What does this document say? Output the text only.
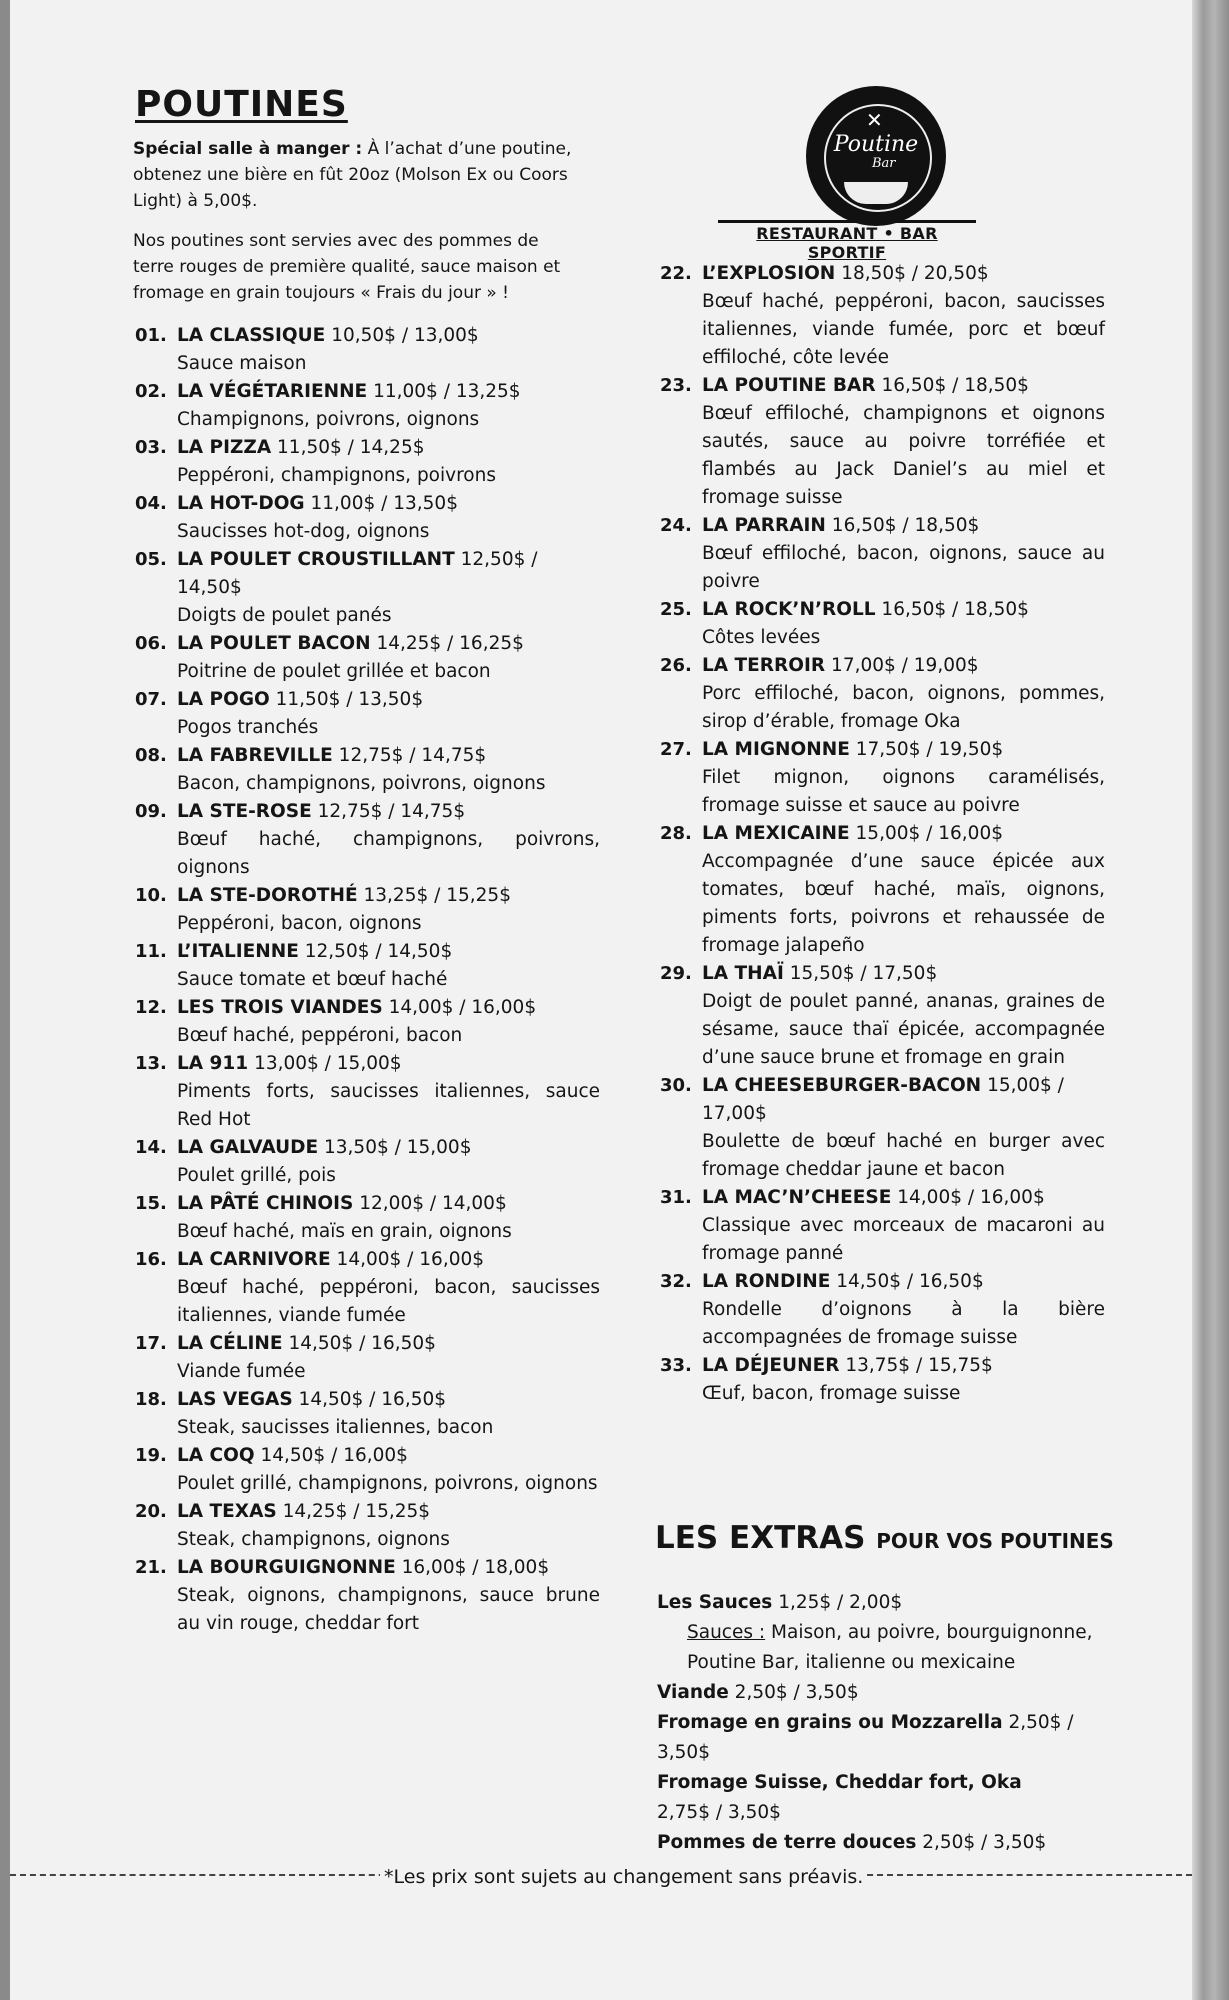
POUTINES
Spécial salle à manger : À l’achat d’une poutine, obtenez une bière en fût 20oz (Molson Ex ou Coors Light) à 5,00$.
Nos poutines sont servies avec des pommes de terre rouges de première qualité, sauce maison et fromage en grain toujours « Frais du jour » !
✕
Poutine
Bar
RESTAURANT • BAR SPORTIF
01. LA CLASSIQUE 10,50$ / 13,00$
Sauce maison
02. LA VÉGÉTARIENNE 11,00$ / 13,25$
Champignons, poivrons, oignons
03. LA PIZZA 11,50$ / 14,25$
Peppéroni, champignons, poivrons
04. LA HOT-DOG 11,00$ / 13,50$
Saucisses hot-dog, oignons
05. LA POULET CROUSTILLANT 12,50$ / 14,50$
Doigts de poulet panés
06. LA POULET BACON 14,25$ / 16,25$
Poitrine de poulet grillée et bacon
07. LA POGO 11,50$ / 13,50$
Pogos tranchés
08. LA FABREVILLE 12,75$ / 14,75$
Bacon, champignons, poivrons, oignons
09. LA STE-ROSE 12,75$ / 14,75$
Bœuf haché, champignons, poivrons, oignons
10. LA STE-DOROTHÉ 13,25$ / 15,25$
Peppéroni, bacon, oignons
11. L’ITALIENNE 12,50$ / 14,50$
Sauce tomate et bœuf haché
12. LES TROIS VIANDES 14,00$ / 16,00$
Bœuf haché, peppéroni, bacon
13. LA 911 13,00$ / 15,00$
Piments forts, saucisses italiennes, sauce Red Hot
14. LA GALVAUDE 13,50$ / 15,00$
Poulet grillé, pois
15. LA PÂTÉ CHINOIS 12,00$ / 14,00$
Bœuf haché, maïs en grain, oignons
16. LA CARNIVORE 14,00$ / 16,00$
Bœuf haché, peppéroni, bacon, saucisses italiennes, viande fumée
17. LA CÉLINE 14,50$ / 16,50$
Viande fumée
18. LAS VEGAS 14,50$ / 16,50$
Steak, saucisses italiennes, bacon
19. LA COQ 14,50$ / 16,00$
Poulet grillé, champignons, poivrons, oignons
20. LA TEXAS 14,25$ / 15,25$
Steak, champignons, oignons
21. LA BOURGUIGNONNE 16,00$ / 18,00$
Steak, oignons, champignons, sauce brune au vin rouge, cheddar fort
22. L’EXPLOSION 18,50$ / 20,50$
Bœuf haché, peppéroni, bacon, saucisses italiennes, viande fumée, porc et bœuf effiloché, côte levée
23. LA POUTINE BAR 16,50$ / 18,50$
Bœuf effiloché, champignons et oignons sautés, sauce au poivre torréfiée et flambés au Jack Daniel’s au miel et fromage suisse
24. LA PARRAIN 16,50$ / 18,50$
Bœuf effiloché, bacon, oignons, sauce au poivre
25. LA ROCK’N’ROLL 16,50$ / 18,50$
Côtes levées
26. LA TERROIR 17,00$ / 19,00$
Porc effiloché, bacon, oignons, pommes, sirop d’érable, fromage Oka
27. LA MIGNONNE 17,50$ / 19,50$
Filet mignon, oignons caramélisés, fromage suisse et sauce au poivre
28. LA MEXICAINE 15,00$ / 16,00$
Accompagnée d’une sauce épicée aux tomates, bœuf haché, maïs, oignons, piments forts, poivrons et rehaussée de fromage jalapeño
29. LA THAÏ 15,50$ / 17,50$
Doigt de poulet panné, ananas, graines de sésame, sauce thaï épicée, accompagnée d’une sauce brune et fromage en grain
30. LA CHEESEBURGER-BACON 15,00$ / 17,00$
Boulette de bœuf haché en burger avec fromage cheddar jaune et bacon
31. LA MAC’N’CHEESE 14,00$ / 16,00$
Classique avec morceaux de macaroni au fromage panné
32. LA RONDINE 14,50$ / 16,50$
Rondelle d’oignons à la bière accompagnées de fromage suisse
33. LA DÉJEUNER 13,75$ / 15,75$
Œuf, bacon, fromage suisse
LES EXTRAS POUR VOS POUTINES
Les Sauces 1,25$ / 2,00$
Sauces : Maison, au poivre, bourguignonne, Poutine Bar, italienne ou mexicaine
Viande 2,50$ / 3,50$
Fromage en grains ou Mozzarella 2,50$ / 3,50$
Fromage Suisse, Cheddar fort, Oka
2,75$ / 3,50$
Pommes de terre douces 2,50$ / 3,50$
*Les prix sont sujets au changement sans préavis.
